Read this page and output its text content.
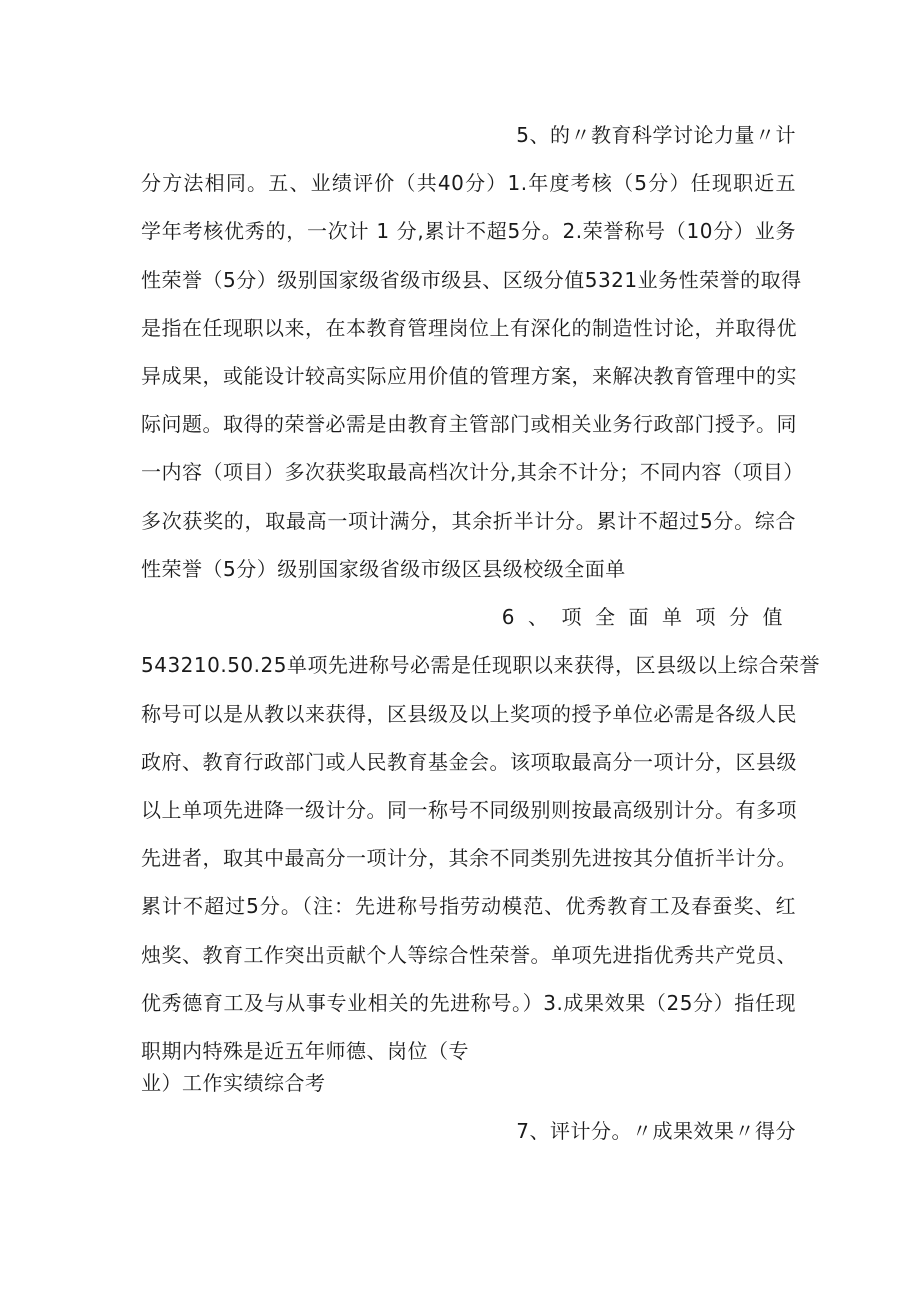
5、的〃教育科学讨论力量〃计
分方法相同。五、业绩评价（共40分）1.年度考核（5分）任现职近五
学年考核优秀的，一次计 1 分,累计不超5分。2.荣誉称号（10分）业务
性荣誉（5分）级别国家级省级市级县、区级分值5321业务性荣誉的取得
是指在任现职以来，在本教育管理岗位上有深化的制造性讨论，并取得优
异成果，或能设计较高实际应用价值的管理方案，来解决教育管理中的实
际问题。取得的荣誉必需是由教育主管部门或相关业务行政部门授予。同
一内容（项目）多次获奖取最高档次计分,其余不计分；不同内容（项目）
多次获奖的，取最高一项计满分，其余折半计分。累计不超过5分。综合
性荣誉（5分）级别国家级省级市级区县级校级全面单
6、项全面单项分值
543210.50.25单项先进称号必需是任现职以来获得，区县级以上综合荣誉
称号可以是从教以来获得，区县级及以上奖项的授予单位必需是各级人民
政府、教育行政部门或人民教育基金会。该项取最高分一项计分，区县级
以上单项先进降一级计分。同一称号不同级别则按最高级别计分。有多项
先进者，取其中最高分一项计分，其余不同类别先进按其分值折半计分。
累计不超过5分。（注：先进称号指劳动模范、优秀教育工及春蚕奖、红
烛奖、教育工作突出贡献个人等综合性荣誉。单项先进指优秀共产党员、
优秀德育工及与从事专业相关的先进称号。）3.成果效果（25分）指任现
职期内特殊是近五年师德、岗位（专
业）工作实绩综合考
7、评计分。〃成果效果〃得分
